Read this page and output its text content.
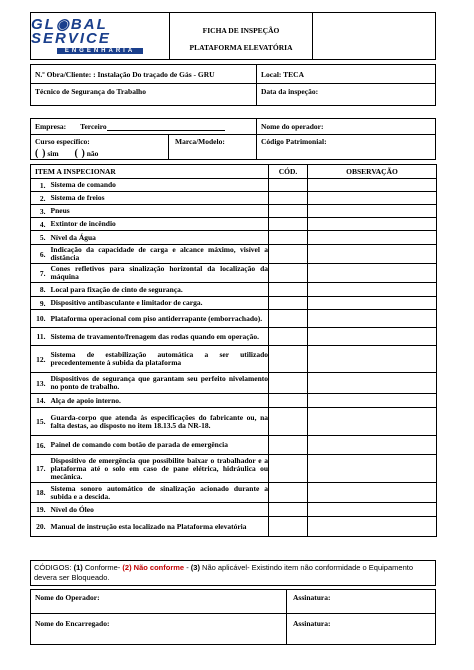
GL◉BAL SERVICE
ENGENHARIA
FICHA DE INSPEÇÃO
PLATAFORMA ELEVATÓRIA
N.º Obra/Cliente: : Instalação Do traçado de Gás - GRU	Local: TECA
Técnico de Segurança do Trabalho	Data da inspeção:
Empresa: Terceiro	Nome do operador:
Curso específico:
( ) sim ( ) não
Marca/Modelo:	Código Patrimonial:
ITEM A INSPECIONAR		CÓD.	OBSERVAÇÃO
1.	Sistema de comando		
2.	Sistema de freios		
3.	Pneus		
4.	Extintor de incêndio		
5.	Nível da Água		
6.	Indicação da capacidade de carga e alcance máximo, visível a distância		
7.	Cones refletivos para sinalização horizontal da localização da máquina		
8.	Local para fixação de cinto de segurança.		
9.	Dispositivo antibasculante e limitador de carga.		
10.	Plataforma operacional com piso antiderrapante (emborrachado).		
11.	Sistema de travamento/frenagem das rodas quando em operação.		
12.	Sistema de estabilização automática a ser utilizado precedentemente à subida da plataforma		
13.	Dispositivos de segurança que garantam seu perfeito nivelamento no ponto de trabalho.		
14.	Alça de apoio interno.		
15.	Guarda-corpo que atenda às especificações do fabricante ou, na falta destas, ao disposto no item 18.13.5 da NR-18.		
16.	Painel de comando com botão de parada de emergência		
17.	Dispositivo de emergência que possibilite baixar o trabalhador e a plataforma até o solo em caso de pane elétrica, hidráulica ou mecânica.		
18.	Sistema sonoro automático de sinalização acionado durante a subida e a descida.		
19.	Nível do Óleo		
20.	Manual de instrução esta localizado na Plataforma elevatória		
CÓDIGOS: (1) Conforme- (2) Não conforme - (3) Não aplicável- Existindo item não conformidade o Equipamento devera ser Bloqueado.
Nome do Operador:	Assinatura:
Nome do Encarregado:	Assinatura:
